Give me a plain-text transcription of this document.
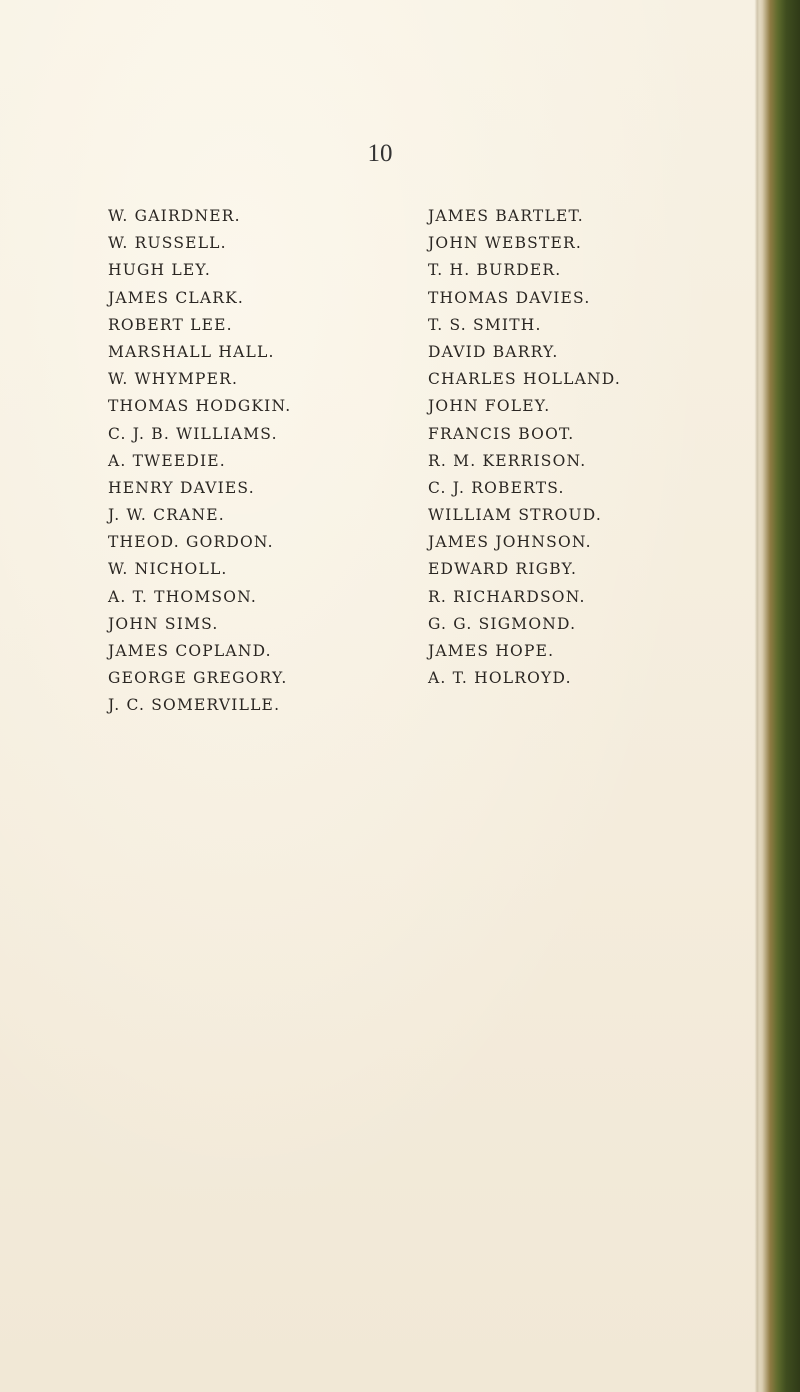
10
W. GAIRDNER.
W. RUSSELL.
HUGH LEY.
JAMES CLARK.
ROBERT LEE.
MARSHALL HALL.
W. WHYMPER.
THOMAS HODGKIN.
C. J. B. WILLIAMS.
A. TWEEDIE.
HENRY DAVIES.
J. W. CRANE.
THEOD. GORDON.
W. NICHOLL.
A. T. THOMSON.
JOHN SIMS.
JAMES COPLAND.
GEORGE GREGORY.
J. C. SOMERVILLE.
JAMES BARTLET.
JOHN WEBSTER.
T. H. BURDER.
THOMAS DAVIES.
T. S. SMITH.
DAVID BARRY.
CHARLES HOLLAND.
JOHN FOLEY.
FRANCIS BOOT.
R. M. KERRISON.
C. J. ROBERTS.
WILLIAM STROUD.
JAMES JOHNSON.
EDWARD RIGBY.
R. RICHARDSON.
G. G. SIGMOND.
JAMES HOPE.
A. T. HOLROYD.
